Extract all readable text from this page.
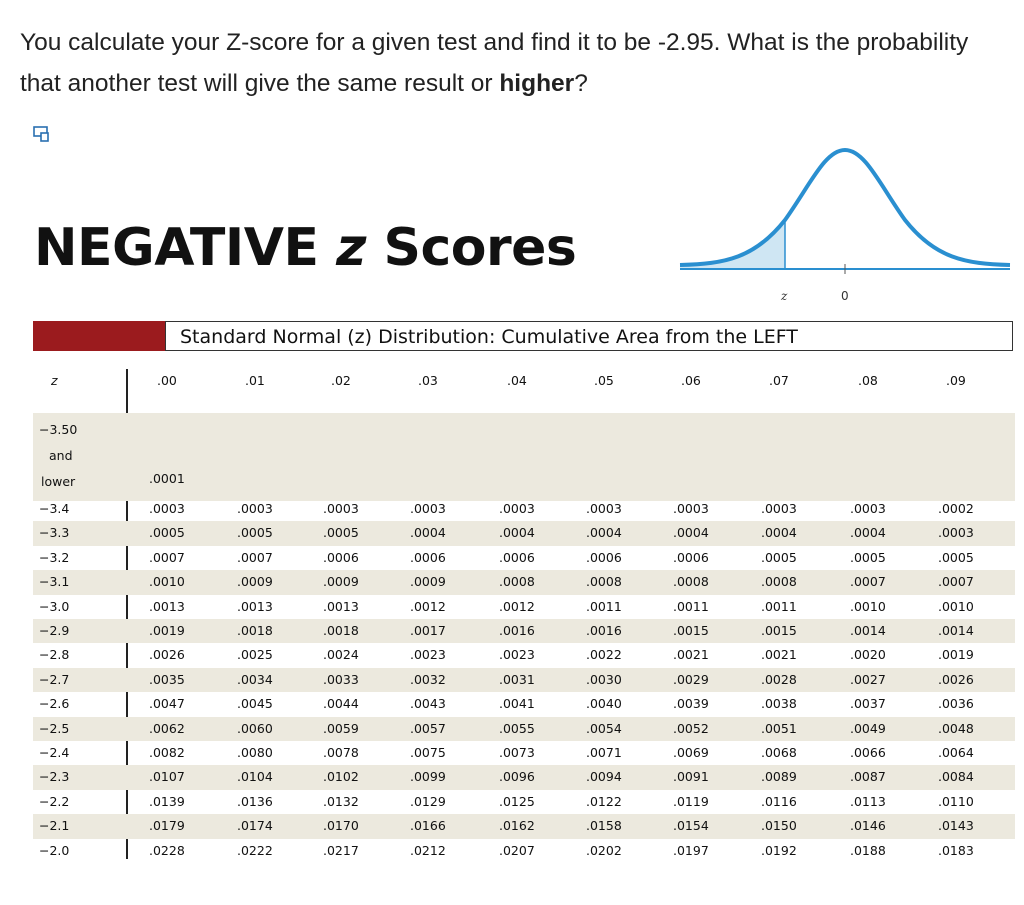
You calculate your Z-score for a given test and find it to be -2.95. What is the probability that another test will give the same result or higher?
NEGATIVE z Scores
z	0
Standard Normal (z) Distribution: Cumulative Area from the LEFT
z	.00	.01	.02	.03	.04	.05	.06	.07	.08	.09
−3.50
and
lower	.0001
−3.4	.0003	.0003	.0003	.0003	.0003	.0003	.0003	.0003	.0003	.0002
−3.3	.0005	.0005	.0005	.0004	.0004	.0004	.0004	.0004	.0004	.0003
−3.2	.0007	.0007	.0006	.0006	.0006	.0006	.0006	.0005	.0005	.0005
−3.1	.0010	.0009	.0009	.0009	.0008	.0008	.0008	.0008	.0007	.0007
−3.0	.0013	.0013	.0013	.0012	.0012	.0011	.0011	.0011	.0010	.0010
−2.9	.0019	.0018	.0018	.0017	.0016	.0016	.0015	.0015	.0014	.0014
−2.8	.0026	.0025	.0024	.0023	.0023	.0022	.0021	.0021	.0020	.0019
−2.7	.0035	.0034	.0033	.0032	.0031	.0030	.0029	.0028	.0027	.0026
−2.6	.0047	.0045	.0044	.0043	.0041	.0040	.0039	.0038	.0037	.0036
−2.5	.0062	.0060	.0059	.0057	.0055	.0054	.0052	.0051	.0049	.0048
−2.4	.0082	.0080	.0078	.0075	.0073	.0071	.0069	.0068	.0066	.0064
−2.3	.0107	.0104	.0102	.0099	.0096	.0094	.0091	.0089	.0087	.0084
−2.2	.0139	.0136	.0132	.0129	.0125	.0122	.0119	.0116	.0113	.0110
−2.1	.0179	.0174	.0170	.0166	.0162	.0158	.0154	.0150	.0146	.0143
−2.0	.0228	.0222	.0217	.0212	.0207	.0202	.0197	.0192	.0188	.0183
